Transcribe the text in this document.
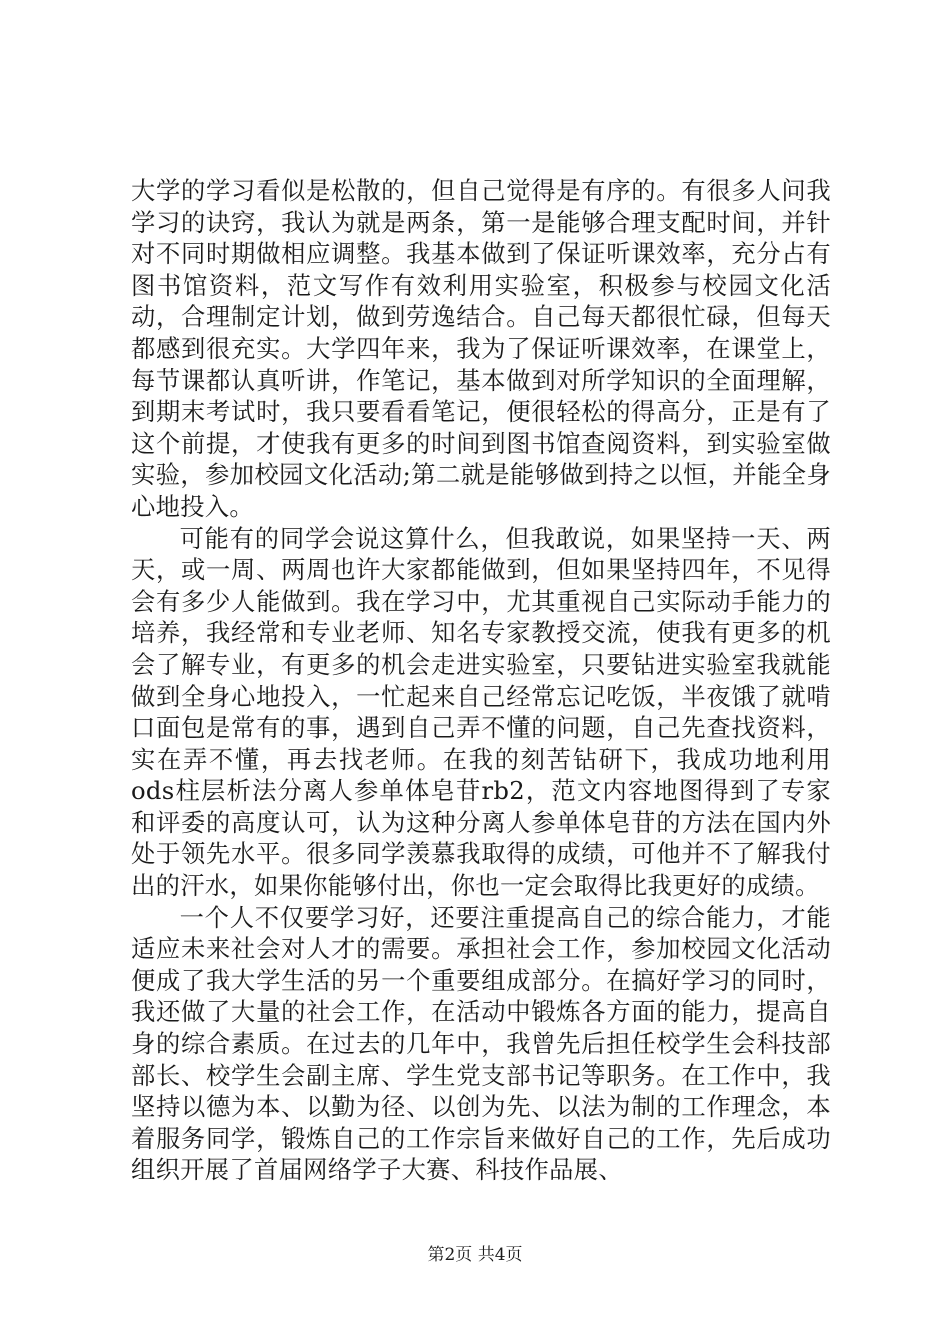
大学的学习看似是松散的，但自己觉得是有序的。有很多人问我学习的诀窍，我认为就是两条，第一是能够合理支配时间，并针对不同时期做相应调整。我基本做到了保证听课效率，充分占有图书馆资料，范文写作有效利用实验室，积极参与校园文化活动，合理制定计划，做到劳逸结合。自己每天都很忙碌，但每天都感到很充实。大学四年来，我为了保证听课效率，在课堂上，每节课都认真听讲，作笔记，基本做到对所学知识的全面理解，到期末考试时，我只要看看笔记，便很轻松的得高分，正是有了这个前提，才使我有更多的时间到图书馆查阅资料，到实验室做实验，参加校园文化活动;第二就是能够做到持之以恒，并能全身心地投入。

可能有的同学会说这算什么，但我敢说，如果坚持一天、两天，或一周、两周也许大家都能做到，但如果坚持四年，不见得会有多少人能做到。我在学习中，尤其重视自己实际动手能力的培养，我经常和专业老师、知名专家教授交流，使我有更多的机会了解专业，有更多的机会走进实验室，只要钻进实验室我就能做到全身心地投入，一忙起来自己经常忘记吃饭，半夜饿了就啃口面包是常有的事，遇到自己弄不懂的问题，自己先查找资料，实在弄不懂，再去找老师。在我的刻苦钻研下，我成功地利用ods柱层析法分离人参单体皂苷rb2，范文内容地图得到了专家和评委的高度认可，认为这种分离人参单体皂苷的方法在国内外处于领先水平。很多同学羡慕我取得的成绩，可他并不了解我付出的汗水，如果你能够付出，你也一定会取得比我更好的成绩。

一个人不仅要学习好，还要注重提高自己的综合能力，才能适应未来社会对人才的需要。承担社会工作，参加校园文化活动便成了我大学生活的另一个重要组成部分。在搞好学习的同时，我还做了大量的社会工作，在活动中锻炼各方面的能力，提高自身的综合素质。在过去的几年中，我曾先后担任校学生会科技部部长、校学生会副主席、学生党支部书记等职务。在工作中，我坚持以德为本、以勤为径、以创为先、以法为制的工作理念，本着服务同学，锻炼自己的工作宗旨来做好自己的工作，先后成功组织开展了首届网络学子大赛、科技作品展、

第2页 共4页
